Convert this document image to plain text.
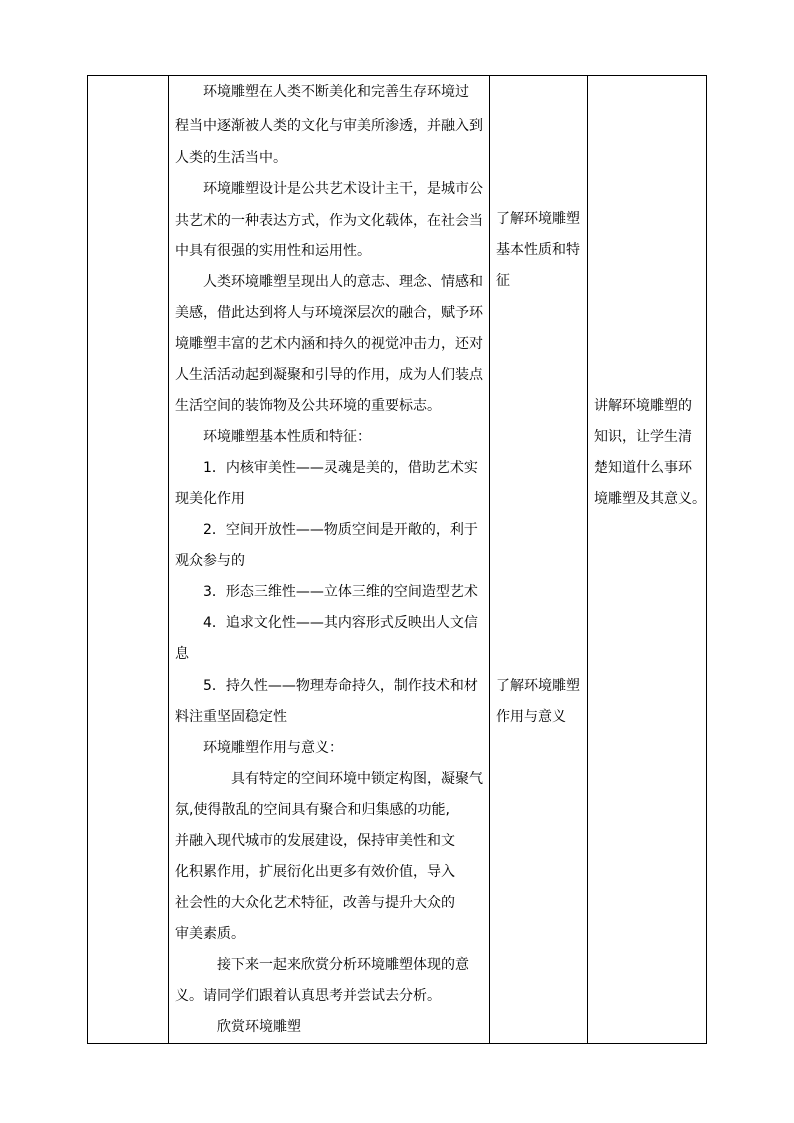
环境雕塑在人类不断美化和完善生存环境过
程当中逐渐被人类的文化与审美所渗透，并融入到
人类的生活当中。
环境雕塑设计是公共艺术设计主干，是城市公
共艺术的一种表达方式，作为文化载体，在社会当
中具有很强的实用性和运用性。
人类环境雕塑呈现出人的意志、理念、情感和
美感，借此达到将人与环境深层次的融合，赋予环
境雕塑丰富的艺术内涵和持久的视觉冲击力，还对
人生活活动起到凝聚和引导的作用，成为人们装点
生活空间的装饰物及公共环境的重要标志。
环境雕塑基本性质和特征：
1．内核审美性——灵魂是美的，借助艺术实
现美化作用
2．空间开放性——物质空间是开敞的，利于
观众参与的
3．形态三维性——立体三维的空间造型艺术
4．追求文化性——其内容形式反映出人文信
息
5．持久性——物理寿命持久，制作技术和材
料注重坚固稳定性
环境雕塑作用与意义：
具有特定的空间环境中锁定构图，凝聚气
氛,使得散乱的空间具有聚合和归集感的功能,
并融入现代城市的发展建设，保持审美性和文
化积累作用，扩展衍化出更多有效价值，导入
社会性的大众化艺术特征，改善与提升大众的
审美素质。
接下来一起来欣赏分析环境雕塑体现的意
义。请同学们跟着认真思考并尝试去分析。
欣赏环境雕塑
了解环境雕塑
基本性质和特
征
了解环境雕塑
作用与意义
讲解环境雕塑的
知识，让学生清
楚知道什么事环
境雕塑及其意义。
